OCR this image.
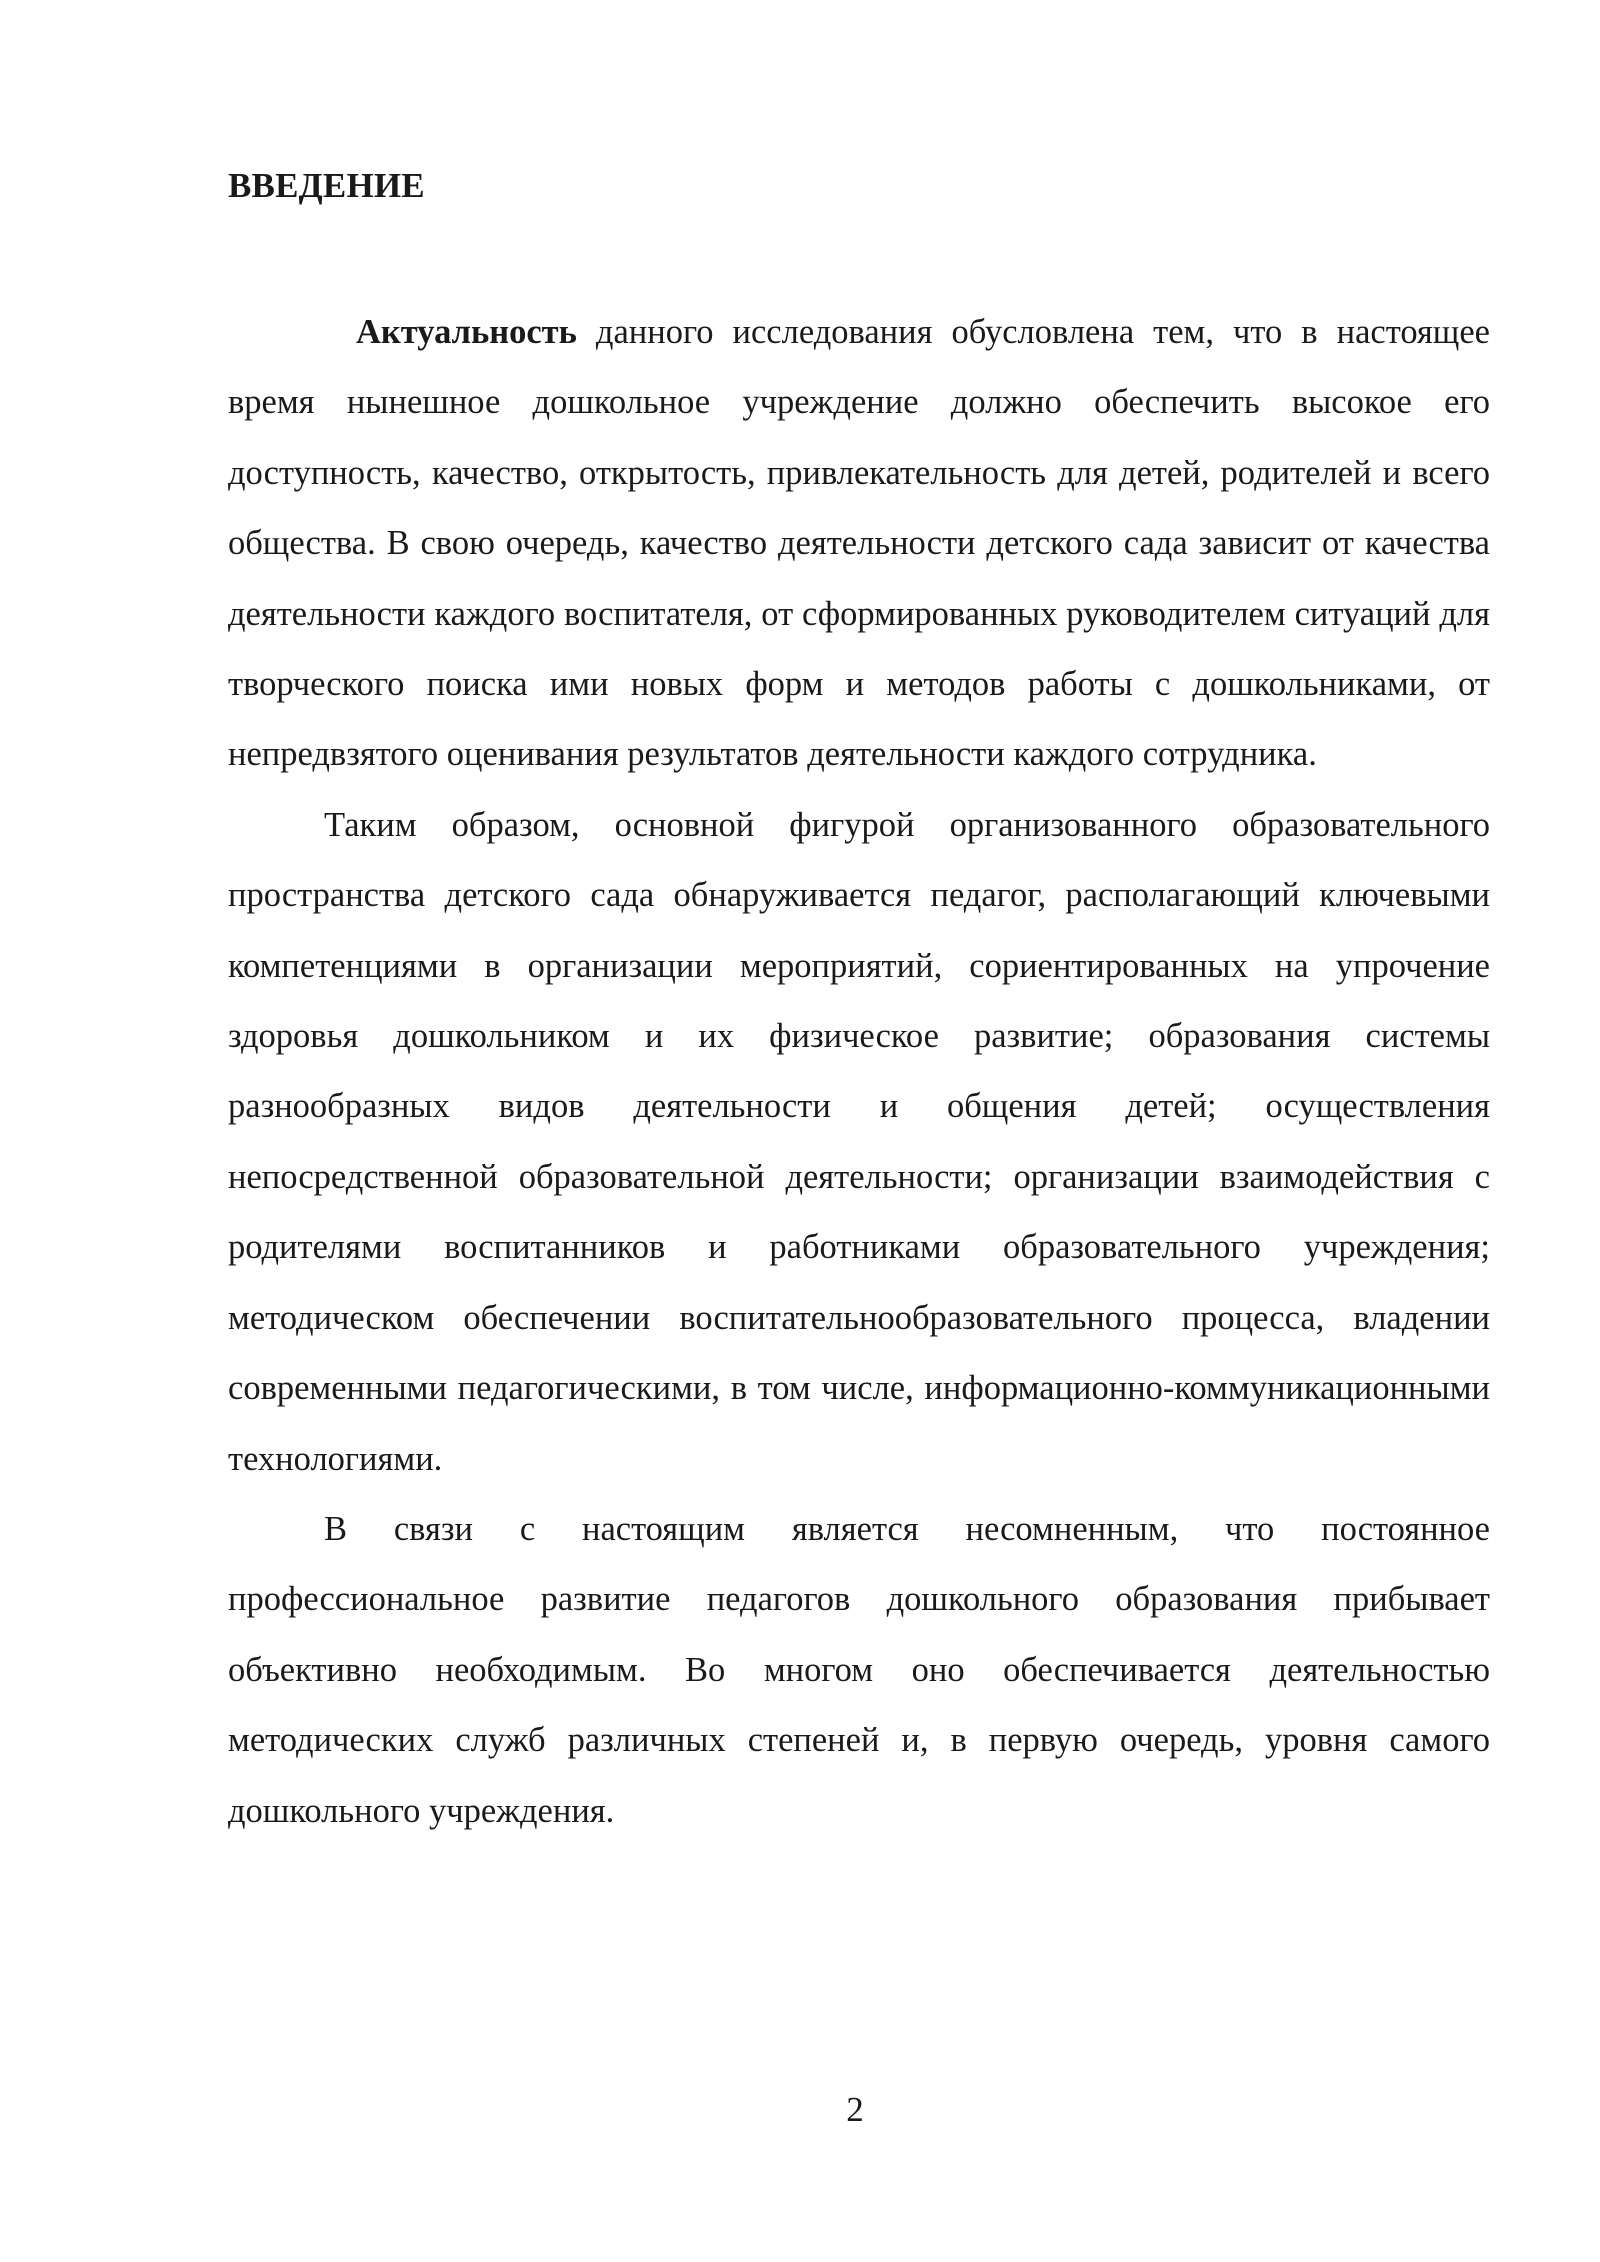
ВВЕДЕНИЕ

Актуальность данного исследования обусловлена тем, что в настоящее время нынешное дошкольное учреждение должно обеспечить высокое его доступность, качество, открытость, привлекательность для детей, родителей и всего общества. В свою очередь, качество деятельности детского сада зависит от качества деятельности каждого воспитателя, от сформированных руководителем ситуаций для творческого поиска ими новых форм и методов работы с дошкольниками, от непредвзятого оценивания результатов деятельности каждого сотрудника.

Таким образом, основной фигурой организованного образовательного пространства детского сада обнаруживается педагог, располагающий ключевыми компетенциями в организации мероприятий, сориентированных на упрочение здоровья дошкольником и их физическое развитие; образования системы разнообразных видов деятельности и общения детей; осуществления непосредственной образовательной деятельности; организации взаимодействия с родителями воспитанников и работниками образовательного учреждения; методическом обеспечении воспитательнообразовательного процесса, владении современными педагогическими, в том числе, информационно-коммуникационными технологиями.

В связи с настоящим является несомненным, что постоянное профессиональное развитие педагогов дошкольного образования прибывает объективно необходимым. Во многом оно обеспечивается деятельностью методических служб различных степеней и, в первую очередь, уровня самого дошкольного учреждения.

2
